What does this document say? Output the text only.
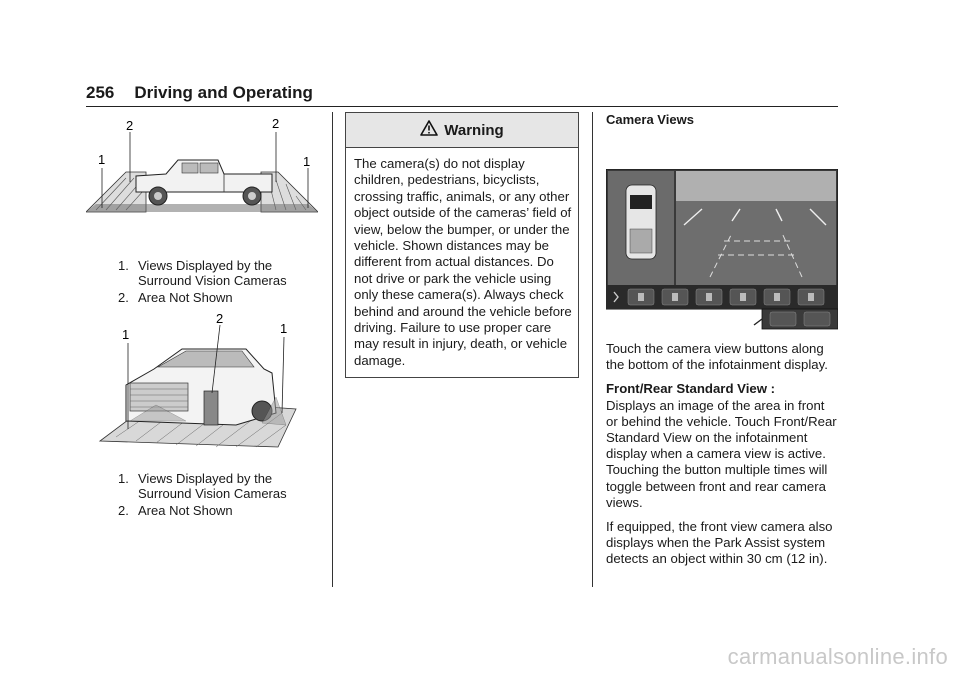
256 Driving and Operating
1	1
2	2
1. Views Displayed by the Surround Vision Cameras
2. Area Not Shown
1
2
1
1. Views Displayed by the Surround Vision Cameras
2. Area Not Shown
Warning
The camera(s) do not display children, pedestrians, bicyclists, crossing traffic, animals, or any other object outside of the cameras’ field of view, below the bumper, or under the vehicle. Shown distances may be different from actual distances. Do not drive or park the vehicle using only these camera(s). Always check behind and around the vehicle before driving. Failure to use proper care may result in injury, death, or vehicle damage.
Camera Views

Touch the camera view buttons along the bottom of the infotainment display.

Front/Rear Standard View :
Displays an image of the area in front or behind the vehicle. Touch Front/Rear Standard View on the infotainment display when a camera view is active. Touching the button multiple times will toggle between front and rear camera views.

If equipped, the front view camera also displays when the Park Assist system detects an object within 30 cm (12 in).

carmanualsonline.info
